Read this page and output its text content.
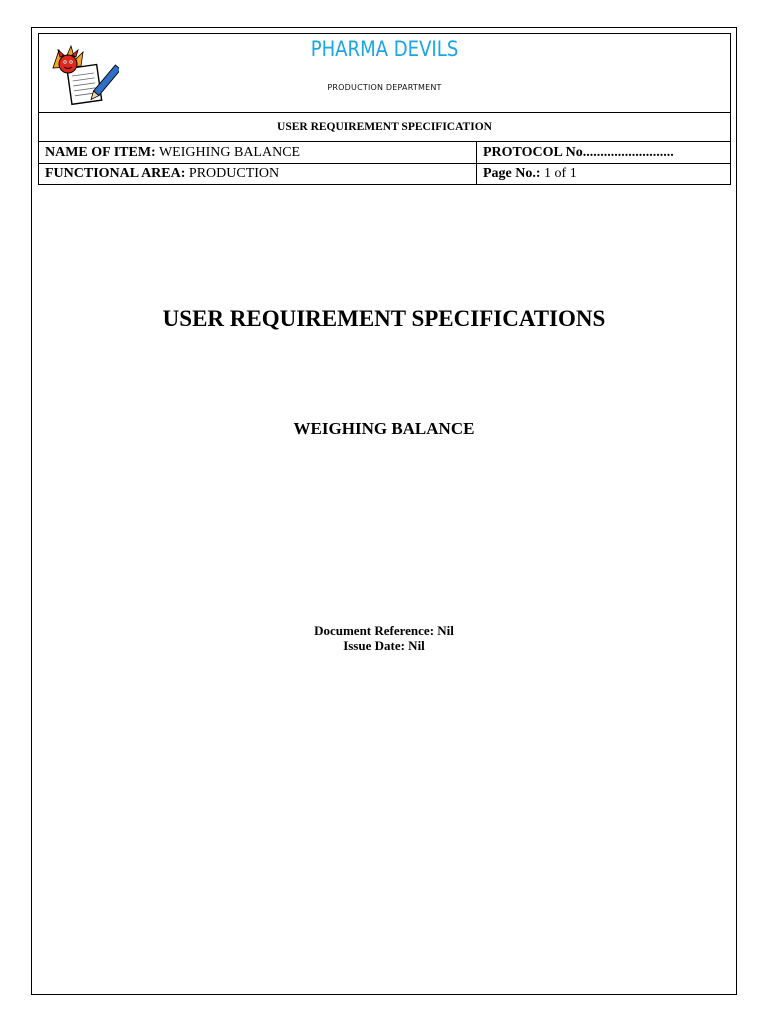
PHARMA DEVILS
PRODUCTION DEPARTMENT	

USER REQUIREMENT SPECIFICATION	
NAME OF ITEM: WEIGHING BALANCE	PROTOCOL No..........................
FUNCTIONAL AREA: PRODUCTION	Page No.: 1 of 1
USER REQUIREMENT SPECIFICATIONS
WEIGHING BALANCE
Document Reference: Nil
Issue Date: Nil
